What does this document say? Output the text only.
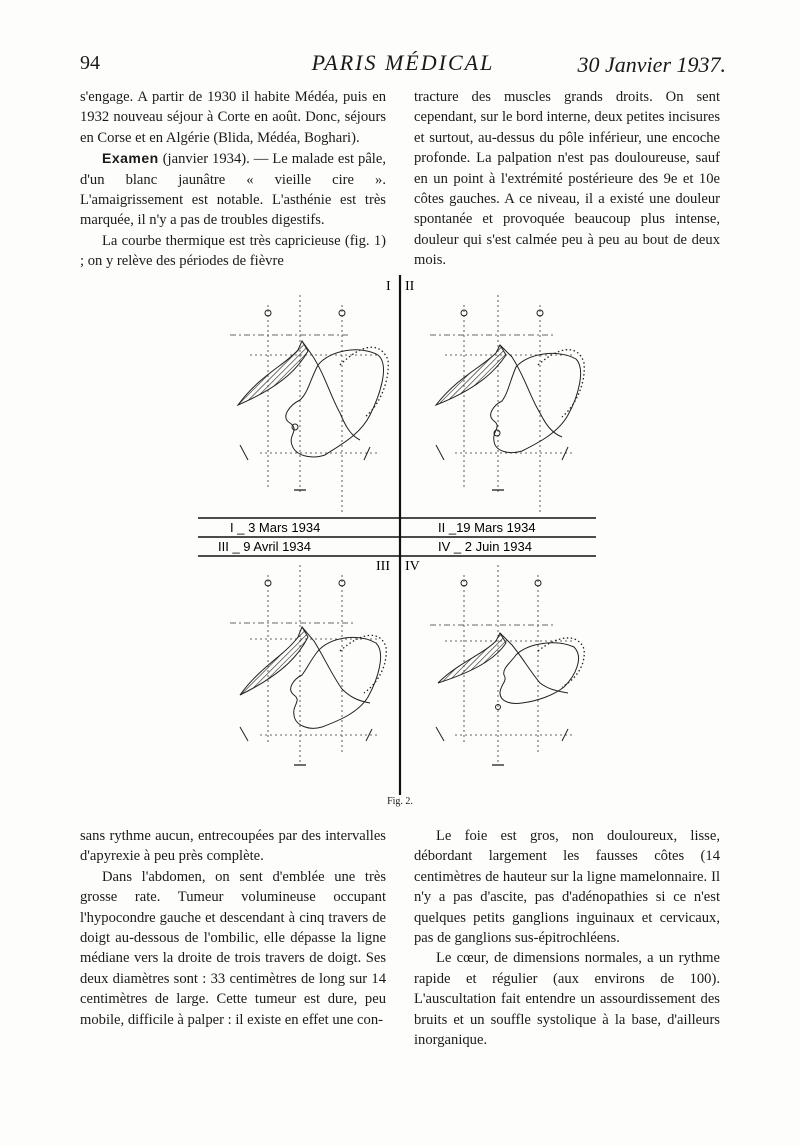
94	PARIS MÉDICAL	30 Janvier 1937.

s'engage. A partir de 1930 il habite Médéa, puis en 1932 nouveau séjour à Corte en août. Donc, séjours en Corse et en Algérie (Blida, Médéa, Boghari).

Examen (janvier 1934). — Le malade est pâle, d'un blanc jaunâtre « vieille cire ». L'amaigrissement est notable. L'asthénie est très marquée, il n'y a pas de troubles digestifs.

La courbe thermique est très capricieuse (fig. 1) ; on y relève des périodes de fièvre

tracture des muscles grands droits. On sent cependant, sur le bord interne, deux petites incisures et surtout, au-dessus du pôle inférieur, une encoche profonde. La palpation n'est pas douloureuse, sauf en un point à l'extrémité postérieure des 9e et 10e côtes gauches. A ce niveau, il a existé une douleur spontanée et provoquée beaucoup plus intense, douleur qui s'est calmée peu à peu au bout de deux mois.

I II
III IV
I _ 3 Mars 1934	II _19 Mars 1934
III _ 9 Avril 1934	IV _ 2 Juin 1934
Fig. 2.

sans rythme aucun, entrecoupées par des intervalles d'apyrexie à peu près complète.

Dans l'abdomen, on sent d'emblée une très grosse rate. Tumeur volumineuse occupant l'hypocondre gauche et descendant à cinq travers de doigt au-dessous de l'ombilic, elle dépasse la ligne médiane vers la droite de trois travers de doigt. Ses deux diamètres sont : 33 centimètres de long sur 14 centimètres de large. Cette tumeur est dure, peu mobile, difficile à palper : il existe en effet une con-

Le foie est gros, non douloureux, lisse, débordant largement les fausses côtes (14 centimètres de hauteur sur la ligne mamelonnaire. Il n'y a pas d'ascite, pas d'adénopathies si ce n'est quelques petits ganglions inguinaux et cervicaux, pas de ganglions sus-épitrochléens.

Le cœur, de dimensions normales, a un rythme rapide et régulier (aux environs de 100). L'auscultation fait entendre un assourdissement des bruits et un souffle systolique à la base, d'ailleurs inorganique.
